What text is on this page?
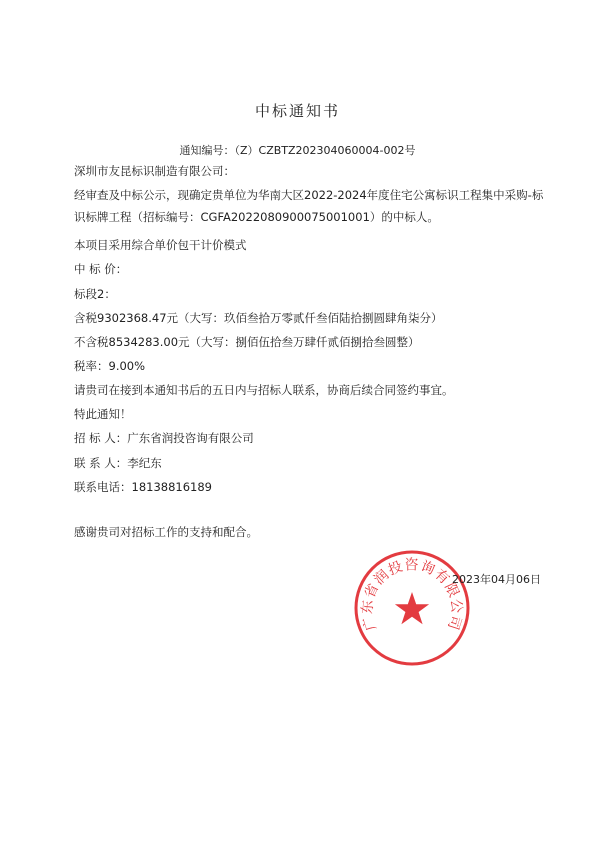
中标通知书
通知编号：（Z）CZBTZ202304060004-002号
深圳市友昆标识制造有限公司：
经审查及中标公示，现确定贵单位为华南大区2022-2024年度住宅公寓标识工程集中采购-标识标牌工程（招标编号：CGFA2022080900075001001）的中标人。
本项目采用综合单价包干计价模式
中 标 价：
标段2：
含税9302368.47元（大写：玖佰叁拾万零贰仟叁佰陆拾捌圆肆角柒分）
不含税8534283.00元（大写：捌佰伍拾叁万肆仟贰佰捌拾叁圆整）
税率：9.00%
请贵司在接到本通知书后的五日内与招标人联系，协商后续合同签约事宜。
特此通知！
招 标 人：广东省润投咨询有限公司
联 系 人：李纪东
联系电话：18138816189
感谢贵司对招标工作的支持和配合。
广东省润投咨询有限公司
2023年04月06日
